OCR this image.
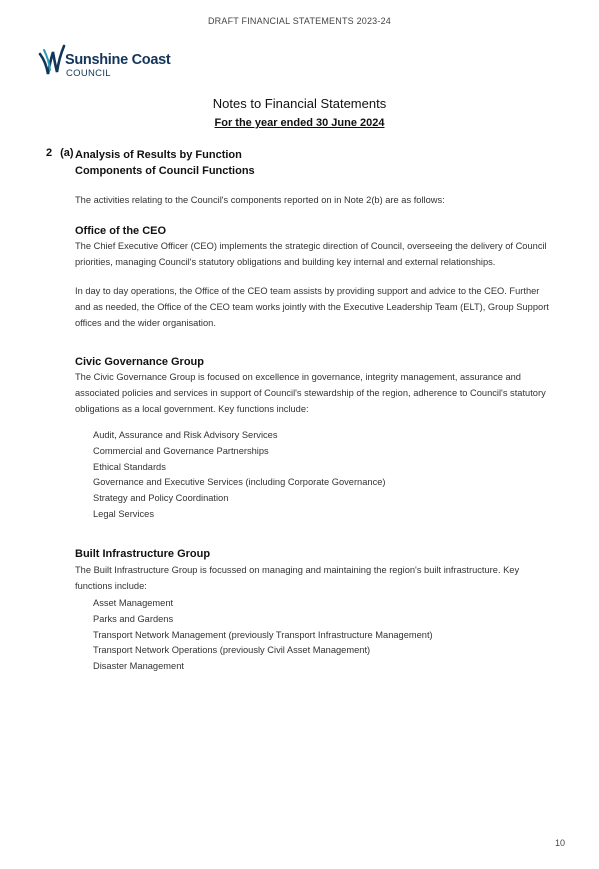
DRAFT FINANCIAL STATEMENTS 2023-24
Sunshine Coast
COUNCIL
Notes to Financial Statements
For the year ended 30 June 2024
2 (a) Analysis of Results by Function
Components of Council Functions
The activities relating to the Council's components reported on in Note 2(b) are as follows:
Office of the CEO
The Chief Executive Officer (CEO) implements the strategic direction of Council, overseeing the delivery of Council priorities, managing Council's statutory obligations and building key internal and external relationships.
In day to day operations, the Office of the CEO team assists by providing support and advice to the CEO. Further and as needed, the Office of the CEO team works jointly with the Executive Leadership Team (ELT), Group Support offices and the wider organisation.
Civic Governance Group
The Civic Governance Group is focused on excellence in governance, integrity management, assurance and associated policies and services in support of Council's stewardship of the region, adherence to Council's statutory obligations as a local government. Key functions include:
Audit, Assurance and Risk Advisory Services
Commercial and Governance Partnerships
Ethical Standards
Governance and Executive Services (including Corporate Governance)
Strategy and Policy Coordination
Legal Services
Built Infrastructure Group
The Built Infrastructure Group is focussed on managing and maintaining the region's built infrastructure. Key functions include:
Asset Management
Parks and Gardens
Transport Network Management (previously Transport Infrastructure Management)
Transport Network Operations (previously Civil Asset Management)
Disaster Management
10
